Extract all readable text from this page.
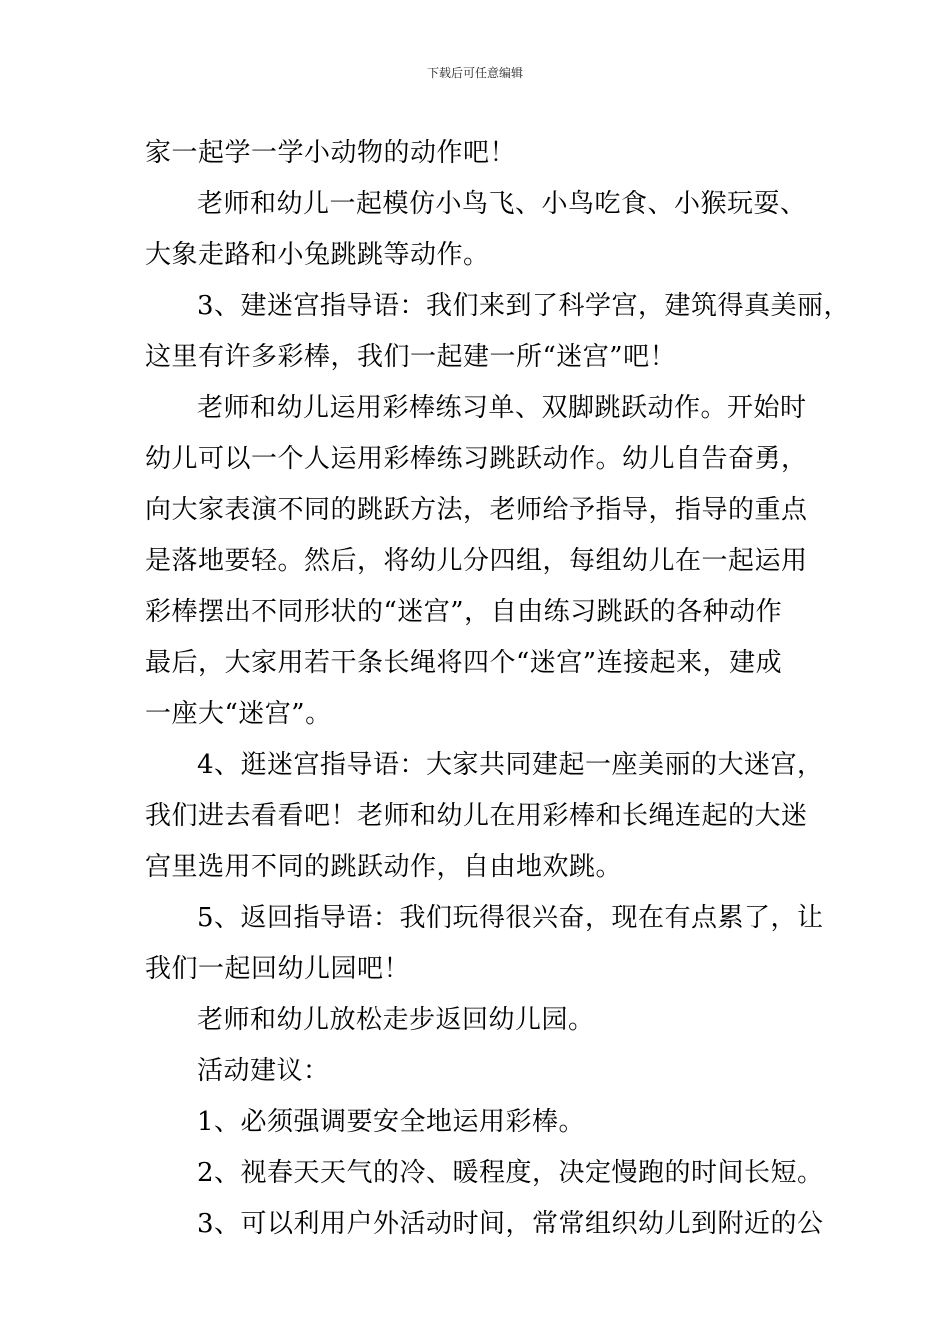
下载后可任意编辑
家一起学一学小动物的动作吧！
老师和幼儿一起模仿小鸟飞、小鸟吃食、小猴玩耍、
大象走路和小兔跳跳等动作。
3、建迷宫指导语：我们来到了科学宫，建筑得真美丽，
这里有许多彩棒，我们一起建一所“迷宫”吧！
老师和幼儿运用彩棒练习单、双脚跳跃动作。开始时
幼儿可以一个人运用彩棒练习跳跃动作。幼儿自告奋勇，
向大家表演不同的跳跃方法，老师给予指导，指导的重点
是落地要轻。然后，将幼儿分四组，每组幼儿在一起运用
彩棒摆出不同形状的“迷宫”，自由练习跳跃的各种动作
最后，大家用若干条长绳将四个“迷宫”连接起来，建成
一座大“迷宫”。
4、逛迷宫指导语：大家共同建起一座美丽的大迷宫，
我们进去看看吧！老师和幼儿在用彩棒和长绳连起的大迷
宫里选用不同的跳跃动作，自由地欢跳。
5、返回指导语：我们玩得很兴奋，现在有点累了，让
我们一起回幼儿园吧！
老师和幼儿放松走步返回幼儿园。
活动建议：
1、必须强调要安全地运用彩棒。
2、视春天天气的冷、暖程度，决定慢跑的时间长短。
3、可以利用户外活动时间，常常组织幼儿到附近的公
